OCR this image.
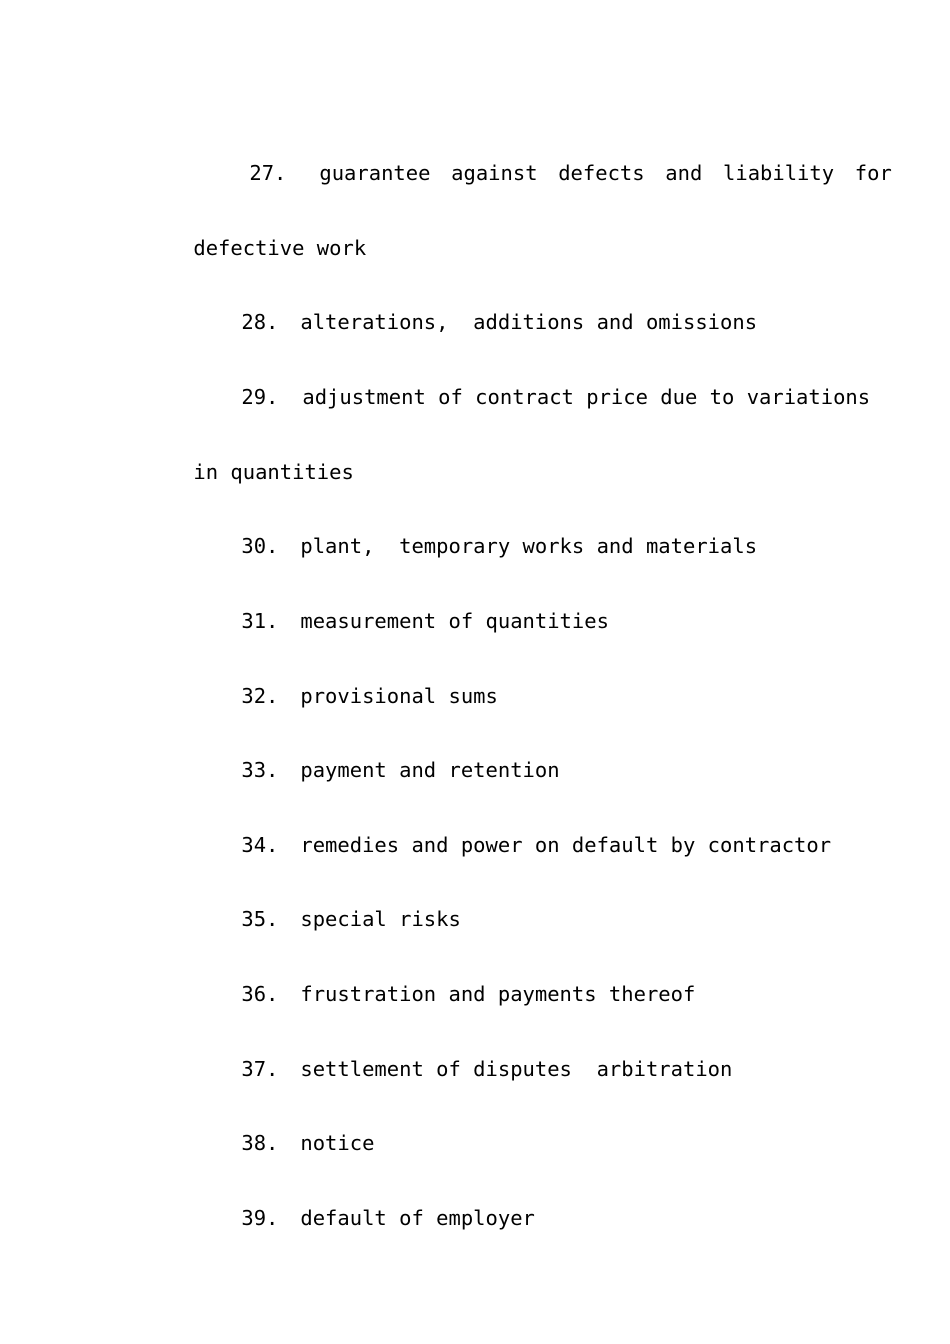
27.
	guarantee  against  defects  and  liability  for

defective work

28.
	alterations,  additions and omissions

29.
	adjustment of contract price due to variations

in quantities

30.
	plant,  temporary works and materials

31.
	measurement of quantities

32.
	provisional sums

33.
	payment and retention

34.
	remedies and power on default by contractor

35.
	special risks

36.
	frustration and payments thereof

37.
	settlement of disputes  arbitration

38.
	notice

39.
	default of employer
